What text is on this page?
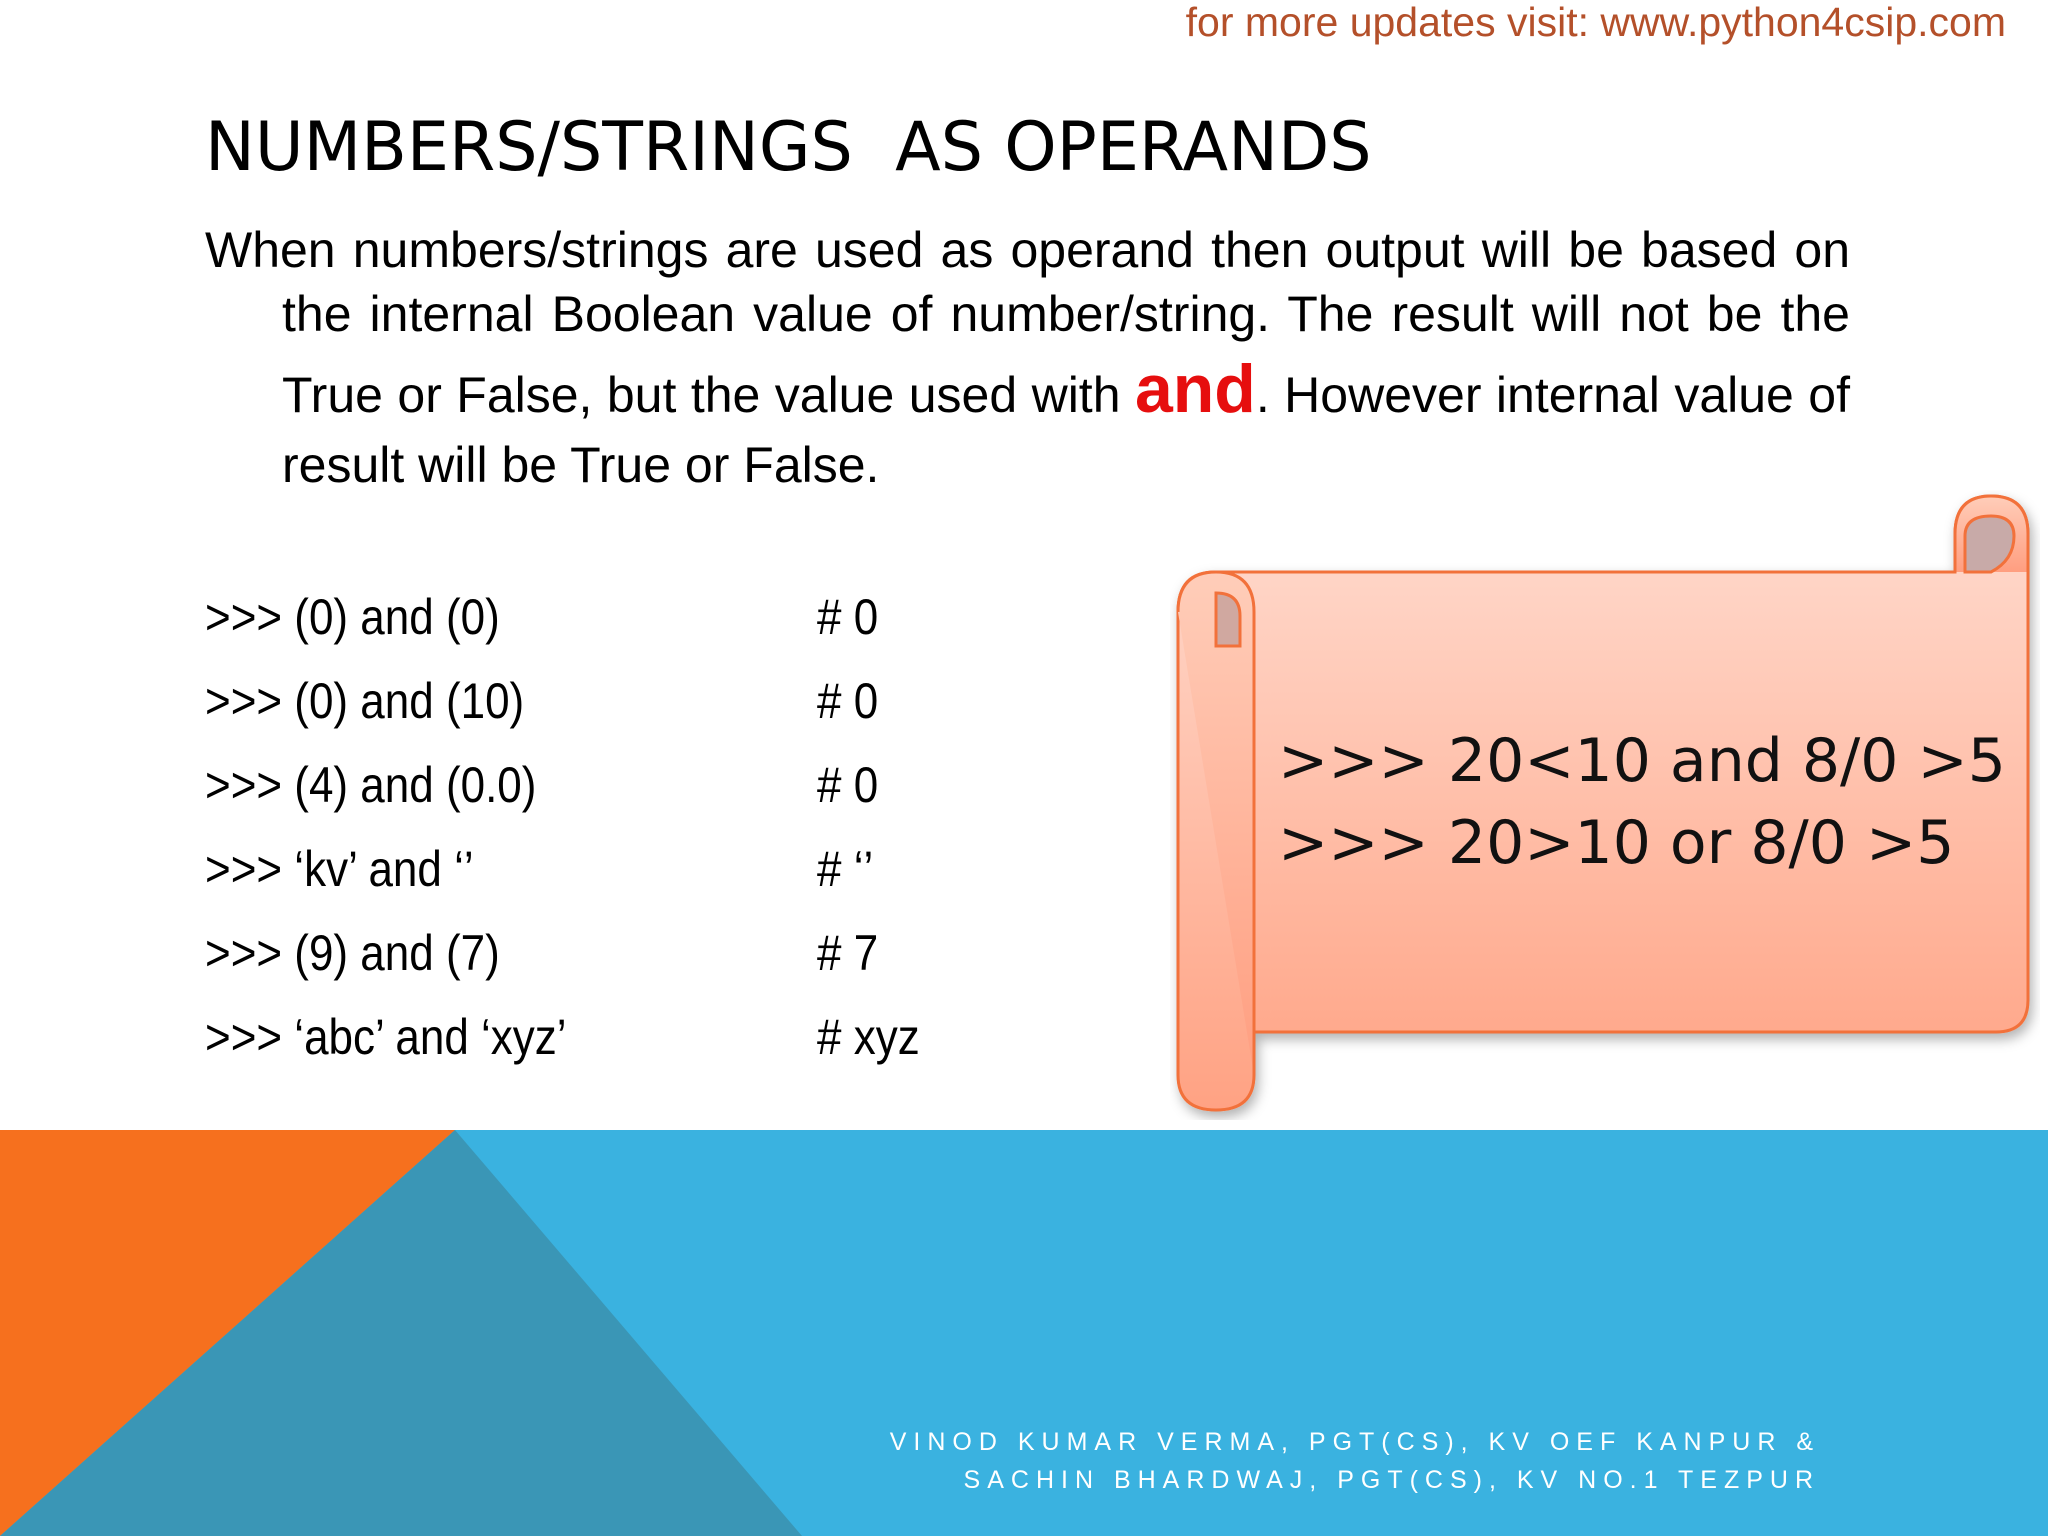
for more updates visit: www.python4csip.com
NUMBERS/STRINGS  AS OPERANDS

When numbers/strings are used as operand then output will be based on the internal Boolean value of number/string. The result will not be the True or False, but the value used with and. However internal value of result will be True or False.

>>> (0) and (0)	# 0
>>> (0) and (10)	# 0
>>> (4) and (0.0)	# 0
>>> ‘kv’ and ‘’	# ‘’
>>> (9) and (7)	# 7
>>> ‘abc’ and ‘xyz’	# xyz
>>> 20<10 and 8/0 >5
>>> 20>10 or 8/0 >5
VINOD KUMAR VERMA, PGT(CS), KV OEF KANPUR &
SACHIN BHARDWAJ, PGT(CS), KV NO.1 TEZPUR
